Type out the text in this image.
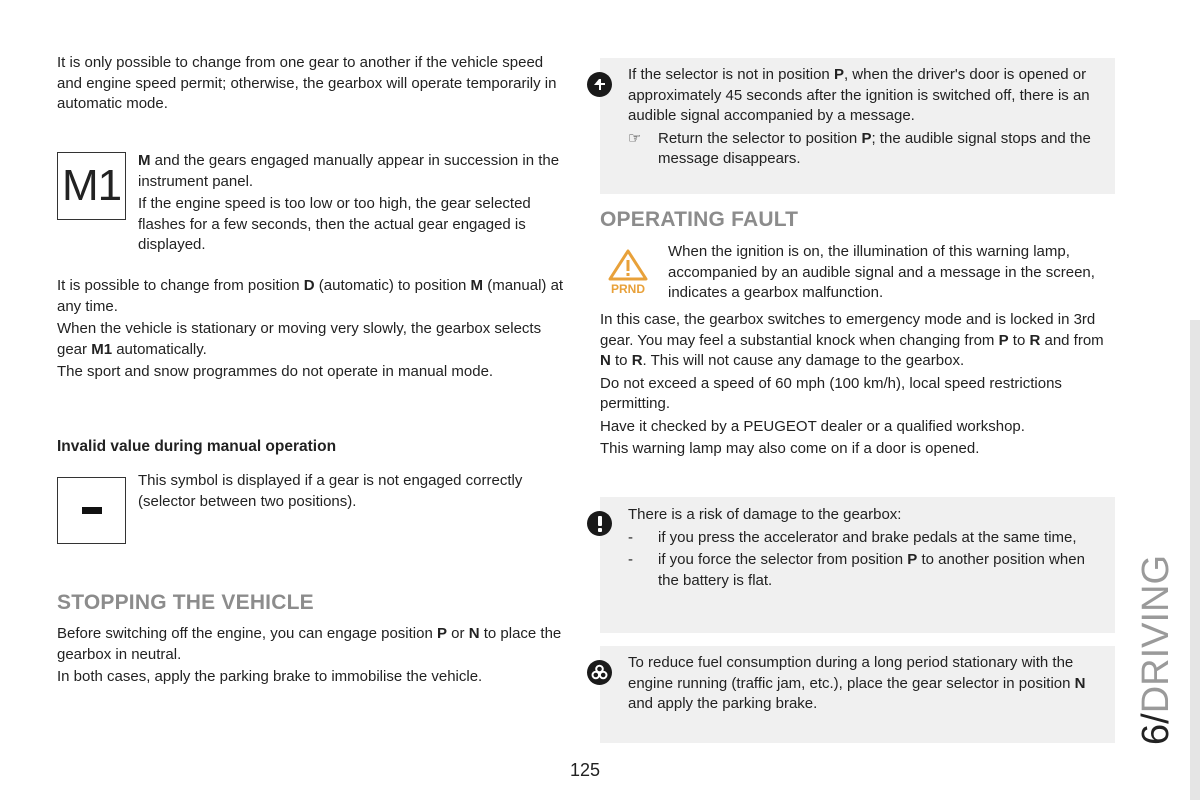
It is only possible to change from one gear to another if the vehicle speed and engine speed permit; otherwise, the gearbox will operate temporarily in automatic mode.

M1

M and the gears engaged manually appear in succession in the instrument panel.

If the engine speed is too low or too high, the gear selected flashes for a few seconds, then the actual gear engaged is displayed.

It is possible to change from position D (automatic) to position M (manual) at any time.

When the vehicle is stationary or moving very slowly, the gearbox selects gear M1 automatically.

The sport and snow programmes do not operate in manual mode.

Invalid value during manual operation

This symbol is displayed if a gear is not engaged correctly (selector between two positions).

STOPPING THE VEHICLE

Before switching off the engine, you can engage position P or N to place the gearbox in neutral.

In both cases, apply the parking brake to immobilise the vehicle.

If the selector is not in position P, when the driver's door is opened or approximately 45 seconds after the ignition is switched off, there is an audible signal accompanied by a message.

☞ Return the selector to position P; the audible signal stops and the message disappears.

OPERATING FAULT

PRND

When the ignition is on, the illumination of this warning lamp, accompanied by an audible signal and a message in the screen, indicates a gearbox malfunction.

In this case, the gearbox switches to emergency mode and is locked in 3rd gear. You may feel a substantial knock when changing from P to R and from N to R. This will not cause any damage to the gearbox.

Do not exceed a speed of 60 mph (100 km/h), local speed restrictions permitting.

Have it checked by a PEUGEOT dealer or a qualified workshop.

This warning lamp may also come on if a door is opened.

There is a risk of damage to the gearbox:

- if you press the accelerator and brake pedals at the same time,

- if you force the selector from position P to another position when the battery is flat.

To reduce fuel consumption during a long period stationary with the engine running (traffic jam, etc.), place the gear selector in position N and apply the parking brake.

6/DRIVING
125
